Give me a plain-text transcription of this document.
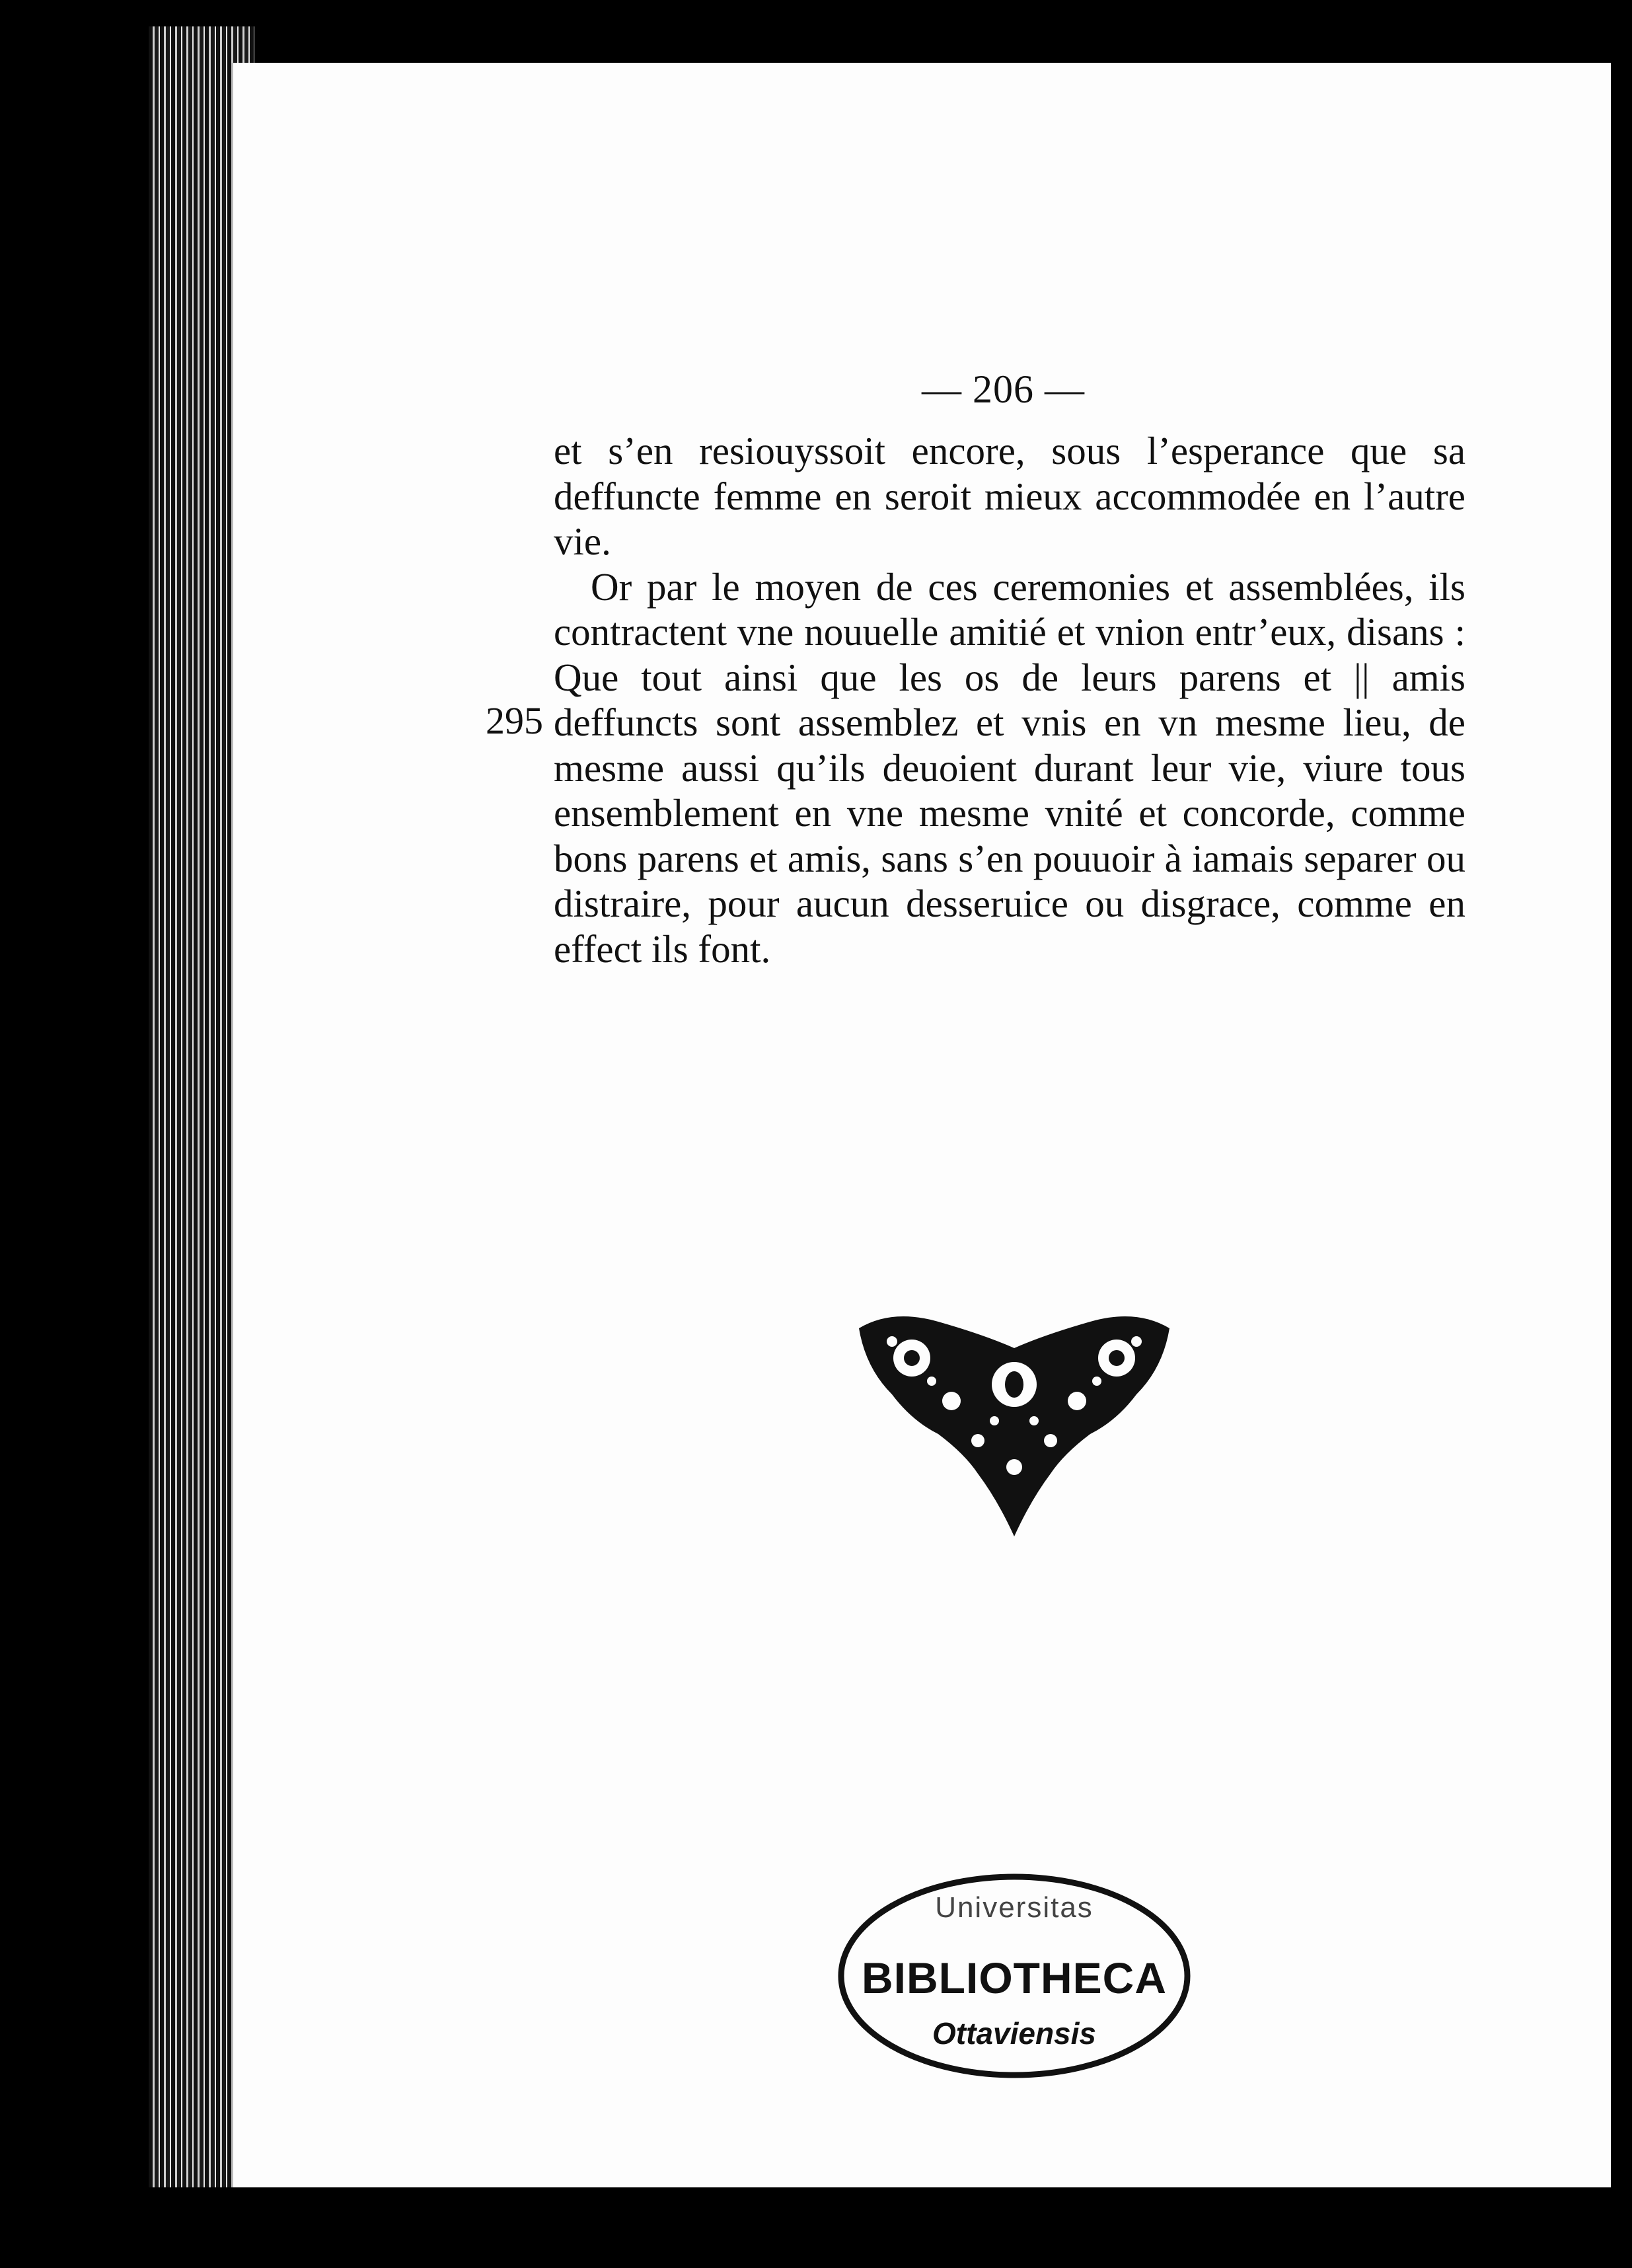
— 206 —
295

et s’en resiouyssoit encore, sous l’esperance que sa deffuncte femme en seroit mieux accommodée en l’autre vie.

Or par le moyen de ces ceremonies et assemblées, ils contractent vne nouuelle amitié et vnion entr’eux, disans : Que tout ainsi que les os de leurs parens et || amis deffuncts sont assemblez et vnis en vn mesme lieu, de mesme aussi qu’ils deuoient durant leur vie, viure tous ensemblement en vne mesme vnité et concorde, comme bons parens et amis, sans s’en pouuoir à iamais separer ou distraire, pour aucun desseruice ou disgrace, comme en effect ils font.

Universitas
BIBLIOTHECA
Ottaviensis
